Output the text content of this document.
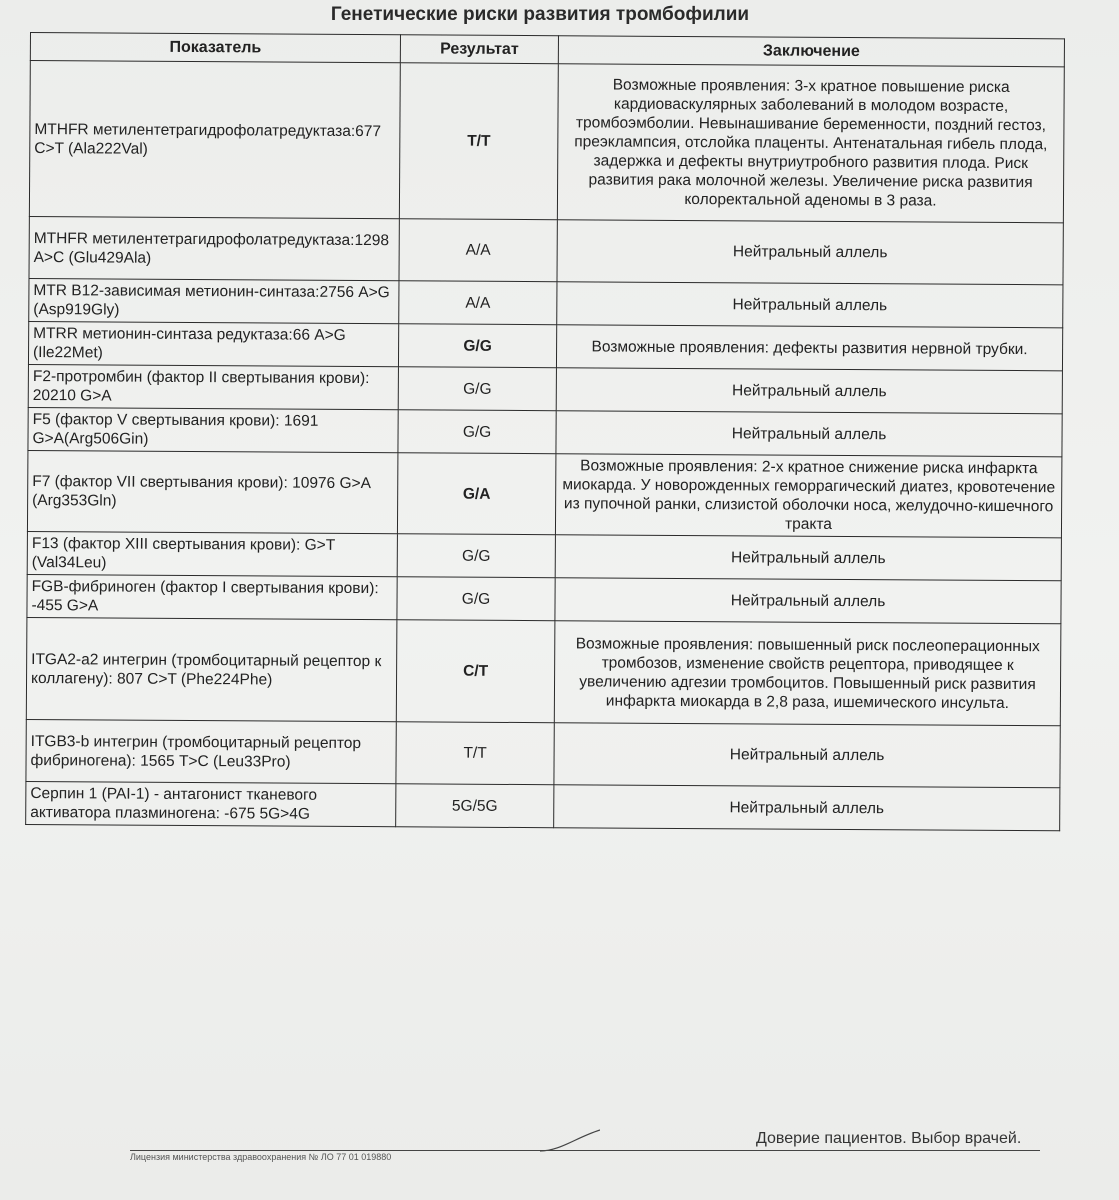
Генетические риски развития тромбофилии
Показатель	Результат	Заключение
MTHFR метилентетрагидрофолатредуктаза:677 C>T (Ala222Val)	T/T	Возможные проявления: 3-х кратное повышение риска кардиоваскулярных заболеваний в молодом возрасте, тромбоэмболии. Невынашивание беременности, поздний гестоз, преэклампсия, отслойка плаценты. Антенатальная гибель плода, задержка и дефекты внутриутробного развития плода. Риск развития рака молочной железы. Увеличение риска развития колоректальной аденомы в 3 раза.
MTHFR метилентетрагидрофолатредуктаза:1298 A>C (Glu429Ala)	A/A	Нейтральный аллель
MTR B12-зависимая метионин-синтаза:2756 A>G (Asp919Gly)	A/A	Нейтральный аллель
MTRR метионин-синтаза редуктаза:66 A>G (Ile22Met)	G/G	Возможные проявления: дефекты развития нервной трубки.
F2-протромбин (фактор II свертывания крови): 20210 G>A	G/G	Нейтральный аллель
F5 (фактор V свертывания крови): 1691 G>A(Arg506Gin)	G/G	Нейтральный аллель
F7 (фактор VII свертывания крови): 10976 G>A (Arg353Gln)	G/A	Возможные проявления: 2-х кратное снижение риска инфаркта миокарда. У новорожденных геморрагический диатез, кровотечение из пупочной ранки, слизистой оболочки носа, желудочно-кишечного тракта
F13 (фактор XIII свертывания крови): G>T (Val34Leu)	G/G	Нейтральный аллель
FGB-фибриноген (фактор I свертывания крови): -455 G>A	G/G	Нейтральный аллель
ITGA2-a2 интегрин (тромбоцитарный рецептор к коллагену): 807 C>T (Phe224Phe)	C/T	Возможные проявления: повышенный риск послеоперационных тромбозов, изменение свойств рецептора, приводящее к увеличению адгезии тромбоцитов. Повышенный риск развития инфаркта миокарда в 2,8 раза, ишемического инсульта.
ITGB3-b интегрин (тромбоцитарный рецептор фибриногена): 1565 T>C (Leu33Pro)	T/T	Нейтральный аллель
Серпин 1 (PAI-1) - антагонист тканевого активатора плазминогена: -675 5G>4G	5G/5G	Нейтральный аллель
Доверие пациентов. Выбор врачей.
Лицензия министерства здравоохранения № ЛО 77 01 019880
